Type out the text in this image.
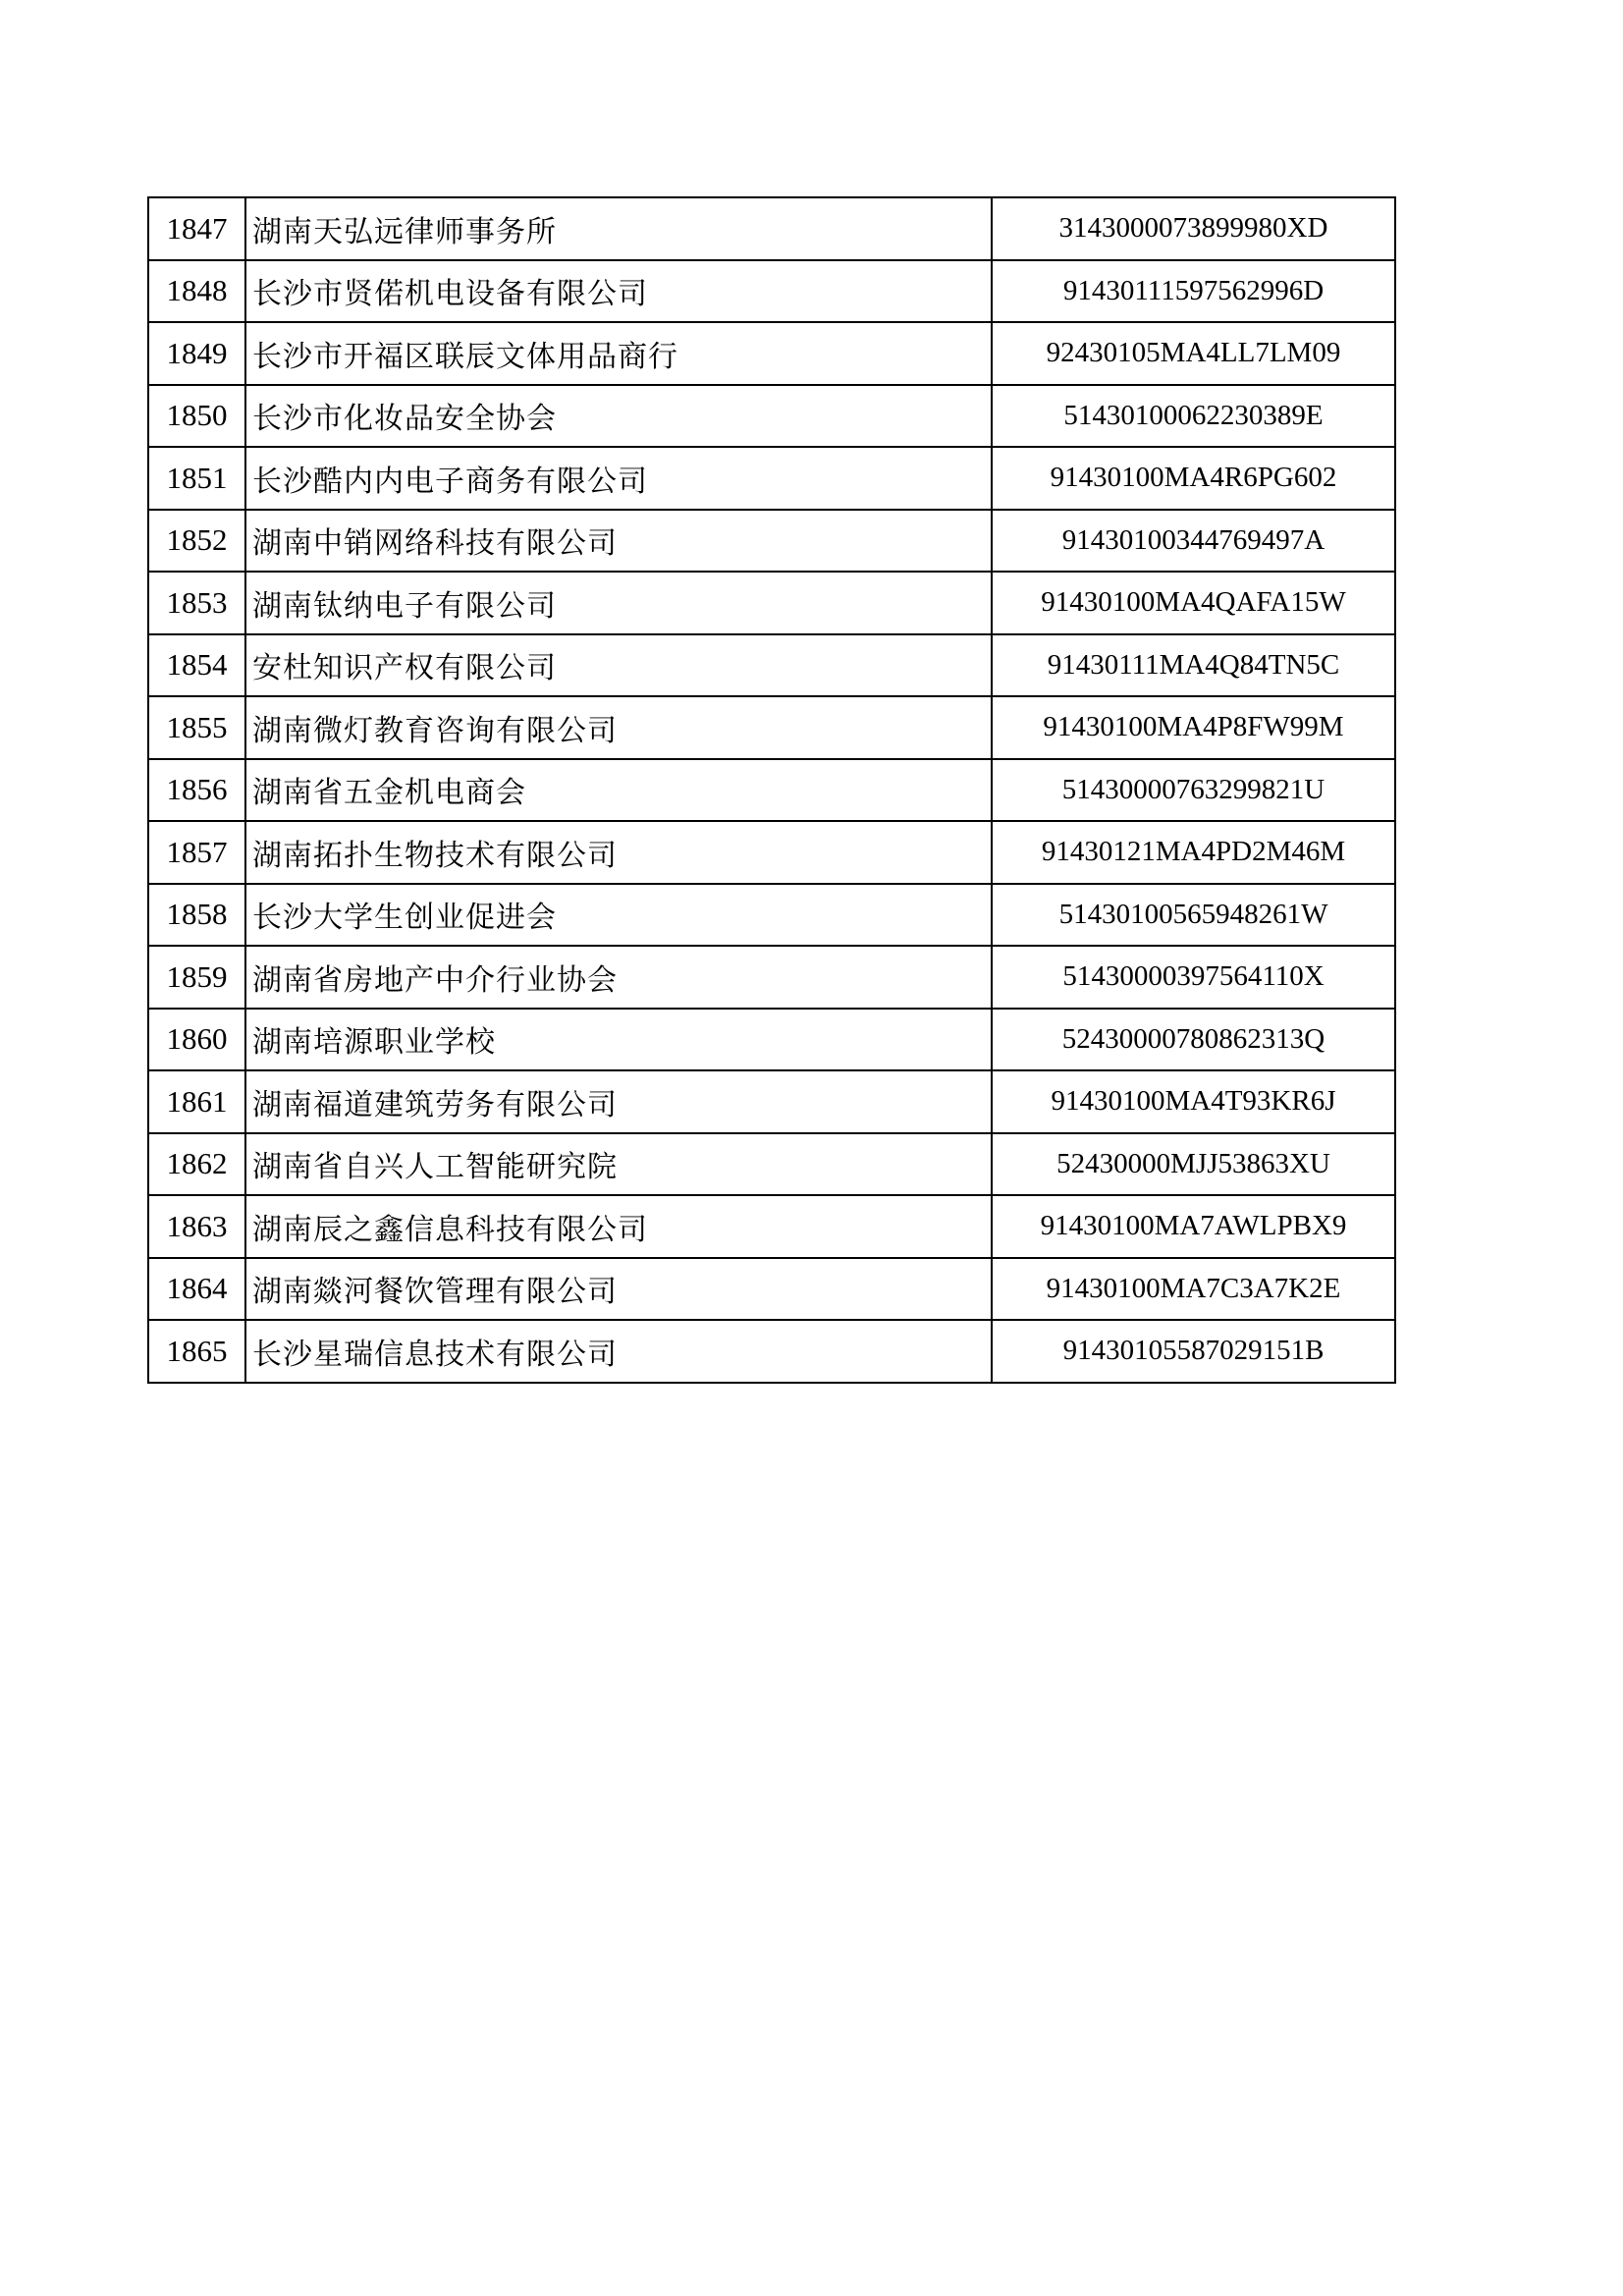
1847	湖南天弘远律师事务所	3143000073899980XD
1848	长沙市贤偌机电设备有限公司	91430111597562996D
1849	长沙市开福区联辰文体用品商行	92430105MA4LL7LM09
1850	长沙市化妆品安全协会	51430100062230389E
1851	长沙酷内内电子商务有限公司	91430100MA4R6PG602
1852	湖南中销网络科技有限公司	91430100344769497A
1853	湖南钛纳电子有限公司	91430100MA4QAFA15W
1854	安杜知识产权有限公司	91430111MA4Q84TN5C
1855	湖南微灯教育咨询有限公司	91430100MA4P8FW99M
1856	湖南省五金机电商会	51430000763299821U
1857	湖南拓扑生物技术有限公司	91430121MA4PD2M46M
1858	长沙大学生创业促进会	51430100565948261W
1859	湖南省房地产中介行业协会	51430000397564110X
1860	湖南培源职业学校	52430000780862313Q
1861	湖南福道建筑劳务有限公司	91430100MA4T93KR6J
1862	湖南省自兴人工智能研究院	52430000MJJ53863XU
1863	湖南辰之鑫信息科技有限公司	91430100MA7AWLPBX9
1864	湖南燚河餐饮管理有限公司	91430100MA7C3A7K2E
1865	长沙星瑞信息技术有限公司	91430105587029151B
